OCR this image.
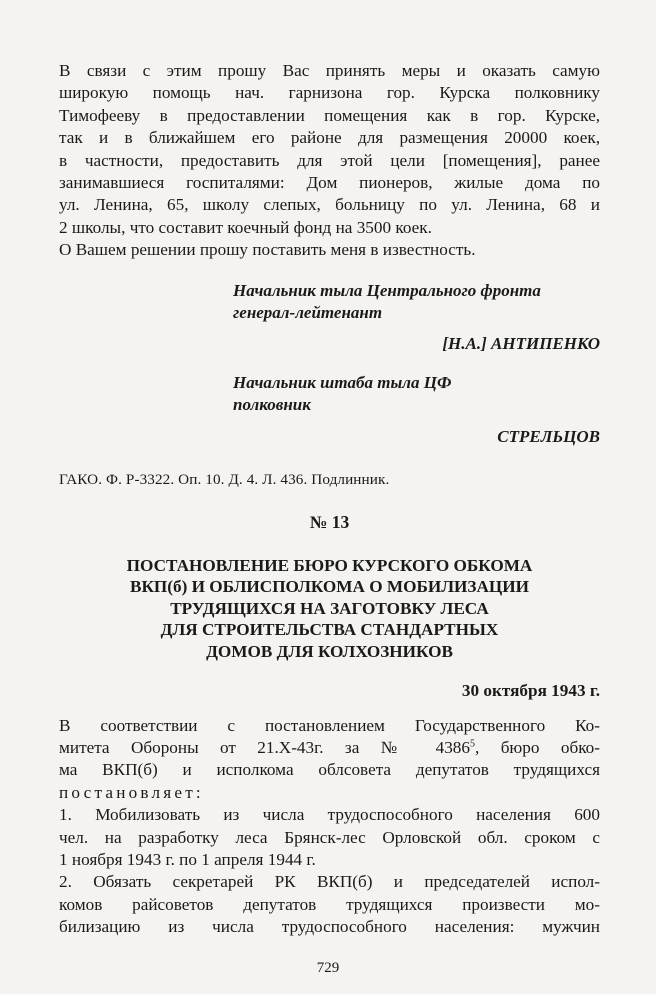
В связи с этим прошу Вас принять меры и оказать самую

широкую помощь нач. гарнизона гор. Курска полковнику

Тимофееву в предоставлении помещения как в гор. Курске,

так и в ближайшем его районе для размещения 20000 коек,

в частности, предоставить для этой цели [помещения], ранее

занимавшиеся госпиталями: Дом пионеров, жилые дома по

ул. Ленина, 65, школу слепых, больницу по ул. Ленина, 68 и

2 школы, что составит коечный фонд на 3500 коек.

О Вашем решении прошу поставить меня в известность.

Начальник тыла Центрального фронта
генерал-лейтенант
[Н.А.] АНТИПЕНКО
Начальник штаба тыла ЦФ
полковник
СТРЕЛЬЦОВ
ГАКО. Ф. Р-3322. Оп. 10. Д. 4. Л. 436. Подлинник.
№ 13
ПОСТАНОВЛЕНИЕ БЮРО КУРСКОГО ОБКОМА
ВКП(б) И ОБЛИСПОЛКОМА О МОБИЛИЗАЦИИ
ТРУДЯЩИХСЯ НА ЗАГОТОВКУ ЛЕСА
ДЛЯ СТРОИТЕЛЬСТВА СТАНДАРТНЫХ
ДОМОВ ДЛЯ КОЛХОЗНИКОВ
30 октября 1943 г.

В соответствии с постановлением Государственного Ко-

митета Обороны от 21.Х-43г. за № 4386$^5$, бюро обко-

ма ВКП(б) и исполкома облсовета депутатов трудящихся

постановляет:

1. Мобилизовать из числа трудоспособного населения 600

чел. на разработку леса Брянск-лес Орловской обл. сроком с

1 ноября 1943 г. по 1 апреля 1944 г.

2. Обязать секретарей РК ВКП(б) и председателей испол-

комов райсоветов депутатов трудящихся произвести мо-

билизацию из числа трудоспособного населения: мужчин

729
